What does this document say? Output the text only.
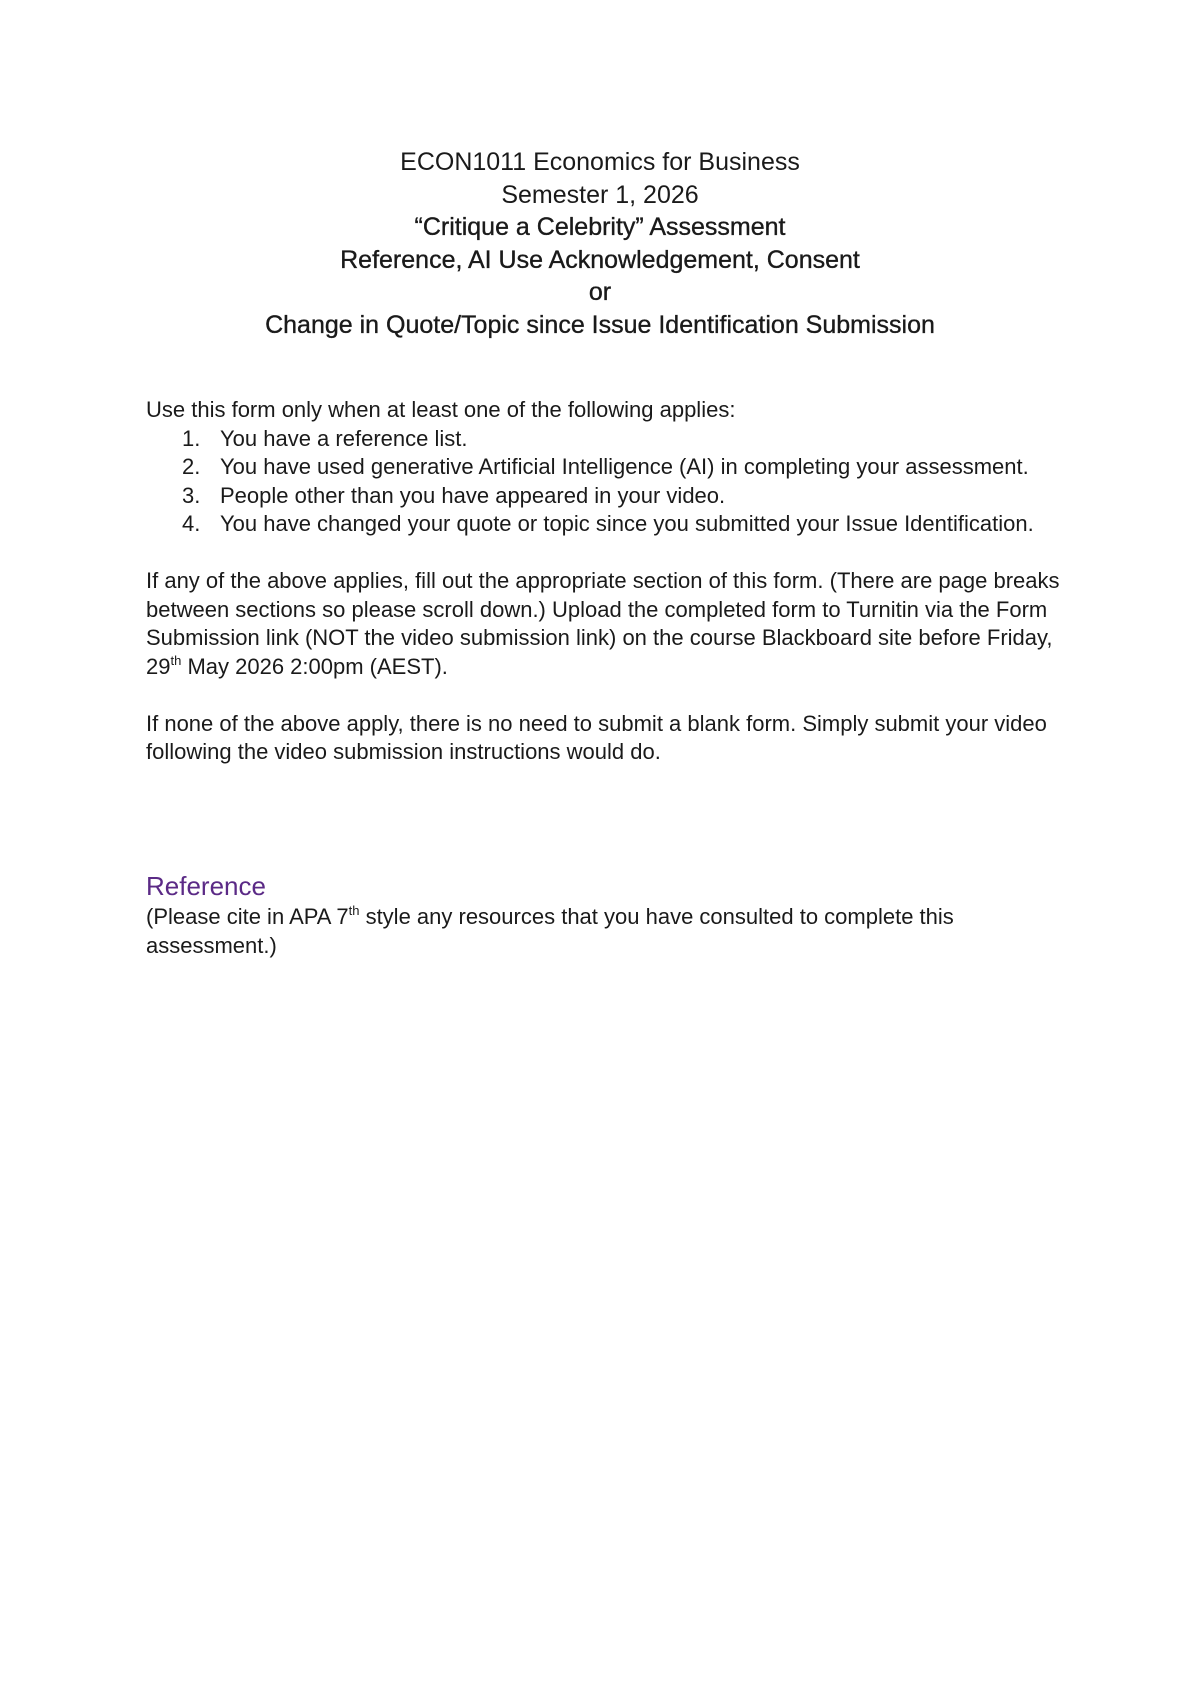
ECON1011 Economics for Business

Semester 1, 2026

“Critique a Celebrity” Assessment

Reference, AI Use Acknowledgement, Consent

or

Change in Quote/Topic since Issue Identification Submission

Use this form only when at least one of the following applies:

1. You have a reference list.
2. You have used generative Artificial Intelligence (AI) in completing your assessment.
3. People other than you have appeared in your video.
4. You have changed your quote or topic since you submitted your Issue Identification.

If any of the above applies, fill out the appropriate section of this form. (There are page breaks between sections so please scroll down.) Upload the completed form to Turnitin via the Form Submission link (NOT the video submission link) on the course Blackboard site before Friday, 29th May 2026 2:00pm (AEST).

If none of the above apply, there is no need to submit a blank form. Simply submit your video following the video submission instructions would do.

Reference

(Please cite in APA 7th style any resources that you have consulted to complete this assessment.)
